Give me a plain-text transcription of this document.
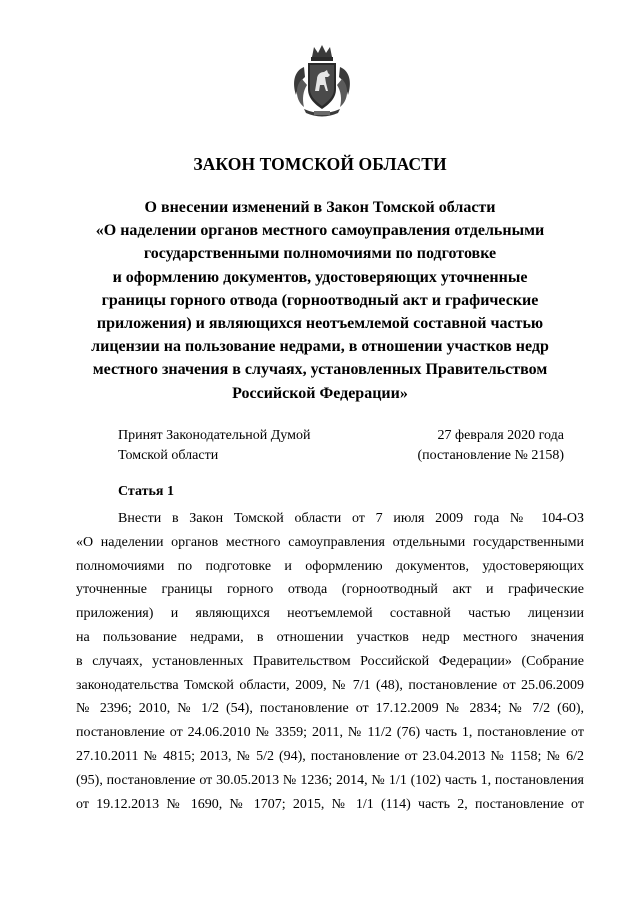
ЗАКОН ТОМСКОЙ ОБЛАСТИ
О внесении изменений в Закон Томской области
«О наделении органов местного самоуправления отдельными
государственными полномочиями по подготовке
и оформлению документов, удостоверяющих уточненные
границы горного отвода (горноотводный акт и графические
приложения) и являющихся неотъемлемой составной частью
лицензии на пользование недрами, в отношении участков недр
местного значения в случаях, установленных Правительством
Российской Федерации»
Принят Законодательной Думой
Томской области
27 февраля 2020 года
(постановление № 2158)
Статья 1
Внести в Закон Томской области от 7 июля 2009 года № 104-ОЗ
«О наделении органов местного самоуправления отдельными государственными
полномочиями по подготовке и оформлению документов, удостоверяющих
уточненные границы горного отвода (горноотводный акт и графические
приложения) и являющихся неотъемлемой составной частью лицензии
на пользование недрами, в отношении участков недр местного значения
в случаях, установленных Правительством Российской Федерации» (Собрание
законодательства Томской области, 2009, № 7/1 (48), постановление от 25.06.2009
№ 2396; 2010, № 1/2 (54), постановление от 17.12.2009 № 2834; № 7/2 (60),
постановление от 24.06.2010 № 3359; 2011, № 11/2 (76) часть 1, постановление от
27.10.2011 № 4815; 2013, № 5/2 (94), постановление от 23.04.2013 № 1158; № 6/2
(95), постановление от 30.05.2013 № 1236; 2014, № 1/1 (102) часть 1, постановления
от 19.12.2013 № 1690, № 1707; 2015, № 1/1 (114) часть 2, постановление от
